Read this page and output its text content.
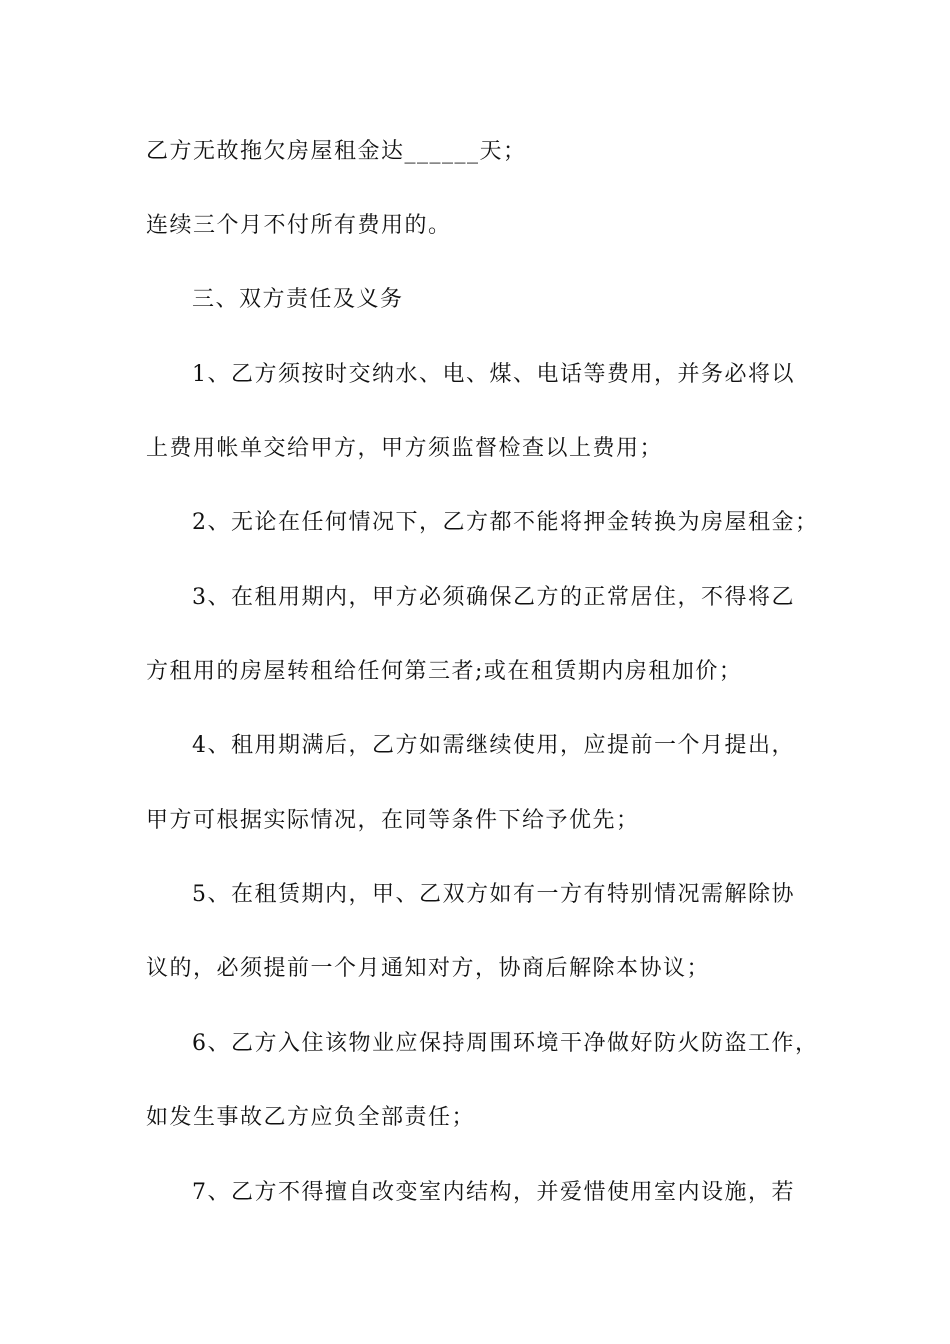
乙方无故拖欠房屋租金达______天；
连续三个月不付所有费用的。
三、双方责任及义务
1、乙方须按时交纳水、电、煤、电话等费用，并务必将以
上费用帐单交给甲方，甲方须监督检查以上费用；
2、无论在任何情况下，乙方都不能将押金转换为房屋租金；
3、在租用期内，甲方必须确保乙方的正常居住，不得将乙
方租用的房屋转租给任何第三者;或在租赁期内房租加价；
4、租用期满后，乙方如需继续使用，应提前一个月提出，
甲方可根据实际情况，在同等条件下给予优先；
5、在租赁期内，甲、乙双方如有一方有特别情况需解除协
议的，必须提前一个月通知对方，协商后解除本协议；
6、乙方入住该物业应保持周围环境干净做好防火防盗工作，
如发生事故乙方应负全部责任；
7、乙方不得擅自改变室内结构，并爱惜使用室内设施，若
